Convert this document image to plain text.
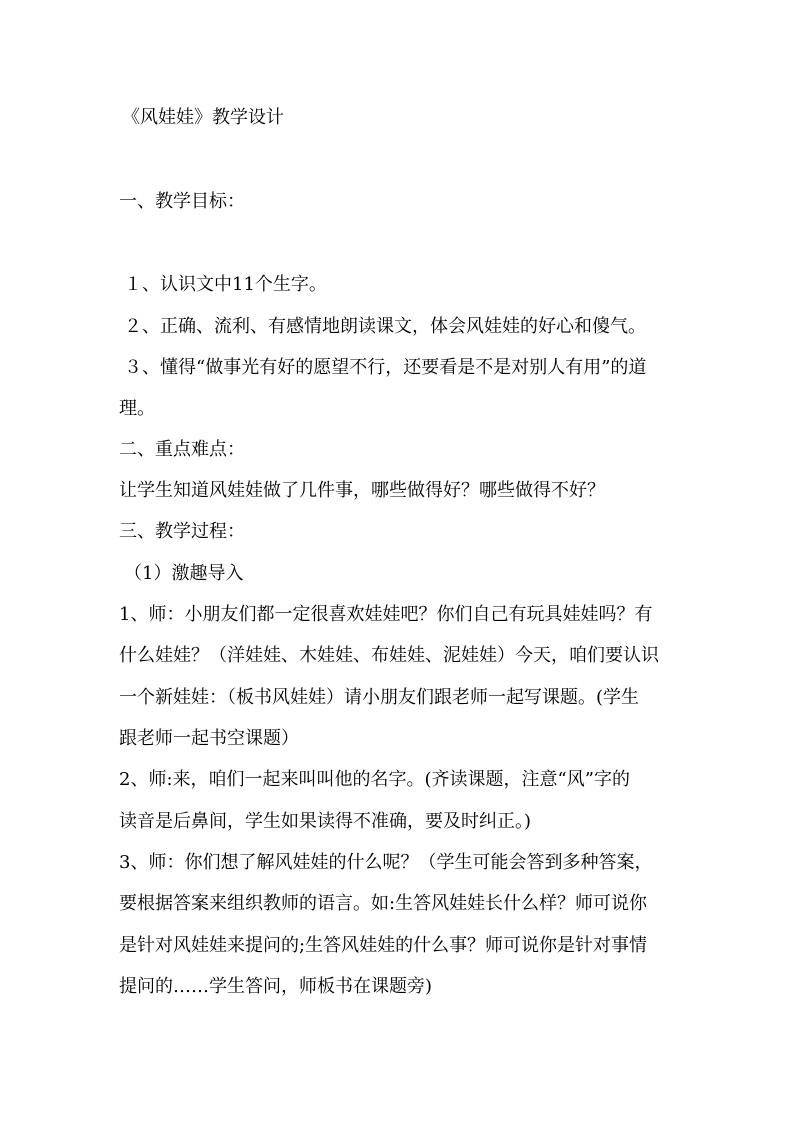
《风娃娃》教学设计
一、教学目标：
１、认识文中11个生字。
２、正确、流利、有感情地朗读课文，体会风娃娃的好心和傻气。
３、懂得“做事光有好的愿望不行，还要看是不是对别人有用”的道
理。
二、重点难点：
让学生知道风娃娃做了几件事，哪些做得好？哪些做得不好？
三、教学过程：
（1）激趣导入
1、师：小朋友们都一定很喜欢娃娃吧？你们自己有玩具娃娃吗？有
什么娃娃？（洋娃娃、木娃娃、布娃娃、泥娃娃）今天，咱们要认识
一个新娃娃：（板书风娃娃）请小朋友们跟老师一起写课题。(学生
跟老师一起书空课题）
2、师:来，咱们一起来叫叫他的名字。(齐读课题，注意“风”字的
读音是后鼻间，学生如果读得不准确，要及时纠正。)
3、师：你们想了解风娃娃的什么呢？（学生可能会答到多种答案，
要根据答案来组织教师的语言。如:生答风娃娃长什么样？师可说你
是针对风娃娃来提问的;生答风娃娃的什么事？师可说你是针对事情
提问的……学生答问，师板书在课题旁)
